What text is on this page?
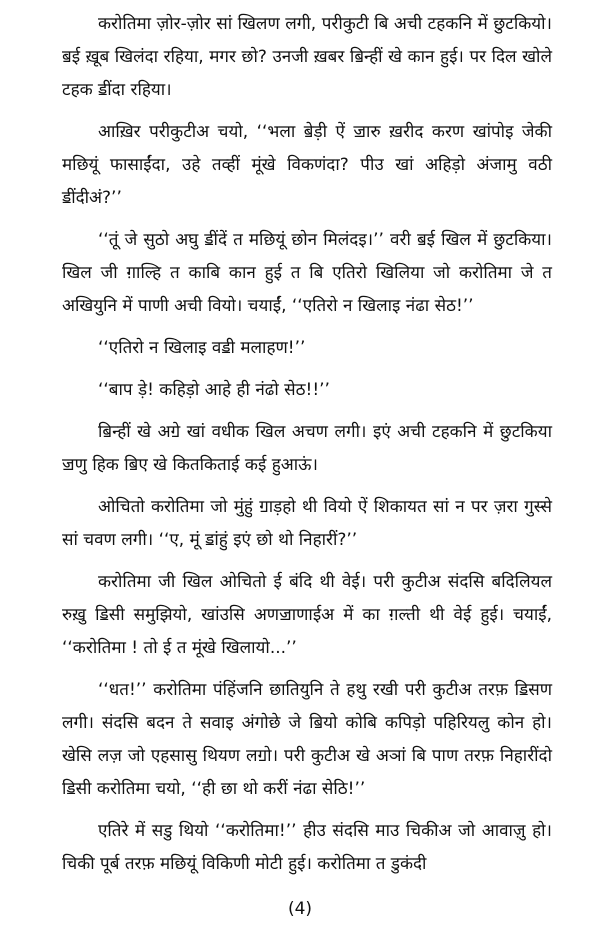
करोतिमा ज़ोर-ज़ोर सां खिलण लगी, परीकुटी बि अची टहकनि में छुटकियो। ॿई ख़ूब खिलंदा रहिया, मगर छो? उनजी ख़बर ॿिन्हीं खे कान हुई। पर दिल खोले टहक ॾींदा रहिया।

आख़िर परीकुटीअ चयो, ‘‘भला ॿेड़ी ऐं ॼारु ख़रीद करण खांपोइ जेकी मछियूं फासाईंदा, उहे तव्हीं मूंखे विकणंदा? पीउ खां अहिड़ो अंजामु वठी ॾींदीअं?’’

‘‘तूं जे सुठो अघु ॾींदें त मछियूं छोन मिलंदइ।’’ वरी ॿई खिल में छुटकिया। खिल जी ग़ाल्हि त काबि कान हुई त बि एतिरो खिलिया जो करोतिमा जे त अखियुनि में पाणी अची वियो। चयाईं, ‘‘एतिरो न खिलाइ नंढा सेठ!’’

‘‘एतिरो न खिलाइ वॾी मलाहण!’’

‘‘बाप ड़े! कहिड़ो आहे ही नंढो सेठ!!’’

ॿिन्हीं खे अॻे खां वधीक खिल अचण लगी। इएं अची टहकनि में छुटकिया ॼणु हिक ॿिए खे कितकिताई कई हुआऊं।

ओचितो करोतिमा जो मुंहुं ॻाड़हो थी वियो ऐं शिकायत सां न पर ज़रा गुस्से सां चवण लगी। ‘‘ए, मूं ॾांहुं इएं छो थो निहारीं?’’

करोतिमा जी खिल ओचितो ई बंदि थी वेई। परी कुटीअ संदसि बदिलियल रुख़ु ॾिसी समुझियो, खांउसि अणॼाणाईअ में का ग़ल्ती थी वेई हुई। चयाईं, ‘‘करोतिमा ! तो ई त मूंखे खिलायो...’’

‘‘धत!’’ करोतिमा पंहिंजनि छातियुनि ते हथु रखी परी कुटीअ तरफ़ ॾिसण लगी। संदसि बदन ते सवाइ अंगोछे जे ॿियो कोबि कपिड़ो पहिरियलु कोन हो। खेसि लज़ जो एहसासु थियण लॻो। परी कुटीअ खे अञां बि पाण तरफ़ निहारींदो ॾिसी करोतिमा चयो, ‘‘ही छा थो करीं नंढा सेठि!’’

एतिरे में सडु थियो ‘‘करोतिमा!’’ हीउ संदसि माउ चिकीअ जो आवाज़ु हो। चिकी पूर्ब तरफ़ मछियूं विकिणी मोटी हुई। करोतिमा त डुकंदी

(4)
